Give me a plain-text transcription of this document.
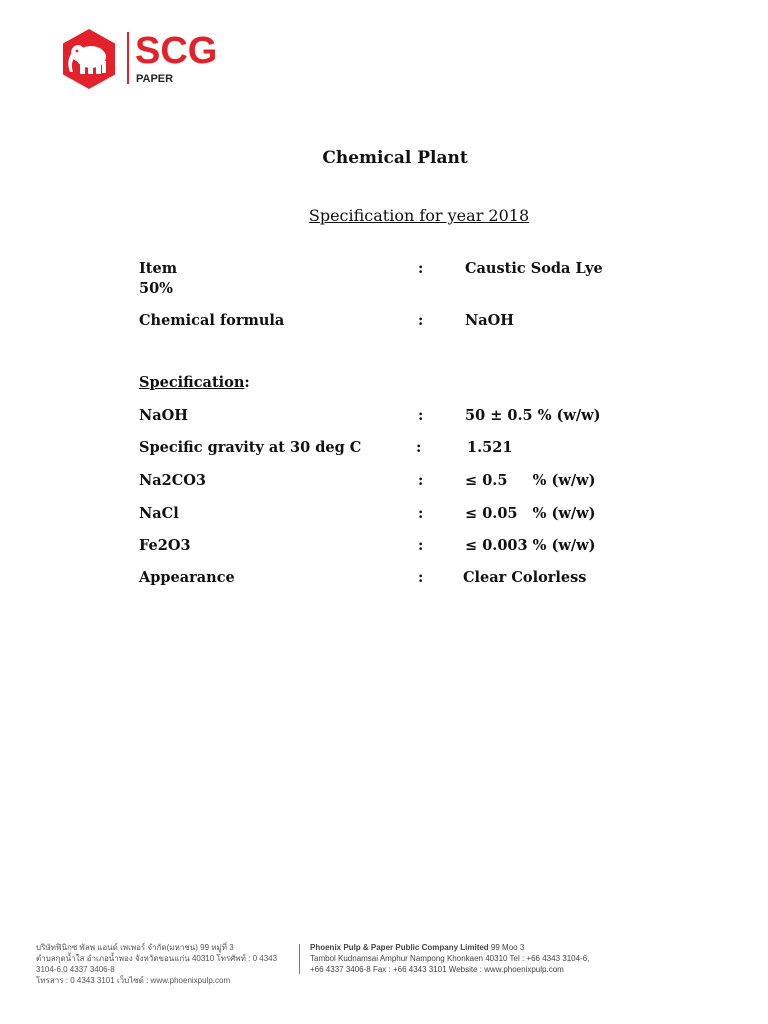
SCG
PAPER
Chemical Plant
Specification for year 2018
Item	:	Caustic Soda Lye
50%
Chemical formula	:	NaOH
Specification:
NaOH	:	50 ± 0.5 % (w/w)
Specific gravity at 30 deg C	:	1.521
Na2CO3	:	≤ 0.5     % (w/w)
NaCl	:	≤ 0.05   % (w/w)
Fe2O3	:	≤ 0.003 % (w/w)
Appearance	:	Clear Colorless
บริษัทฟินิกซ พัลพ แอนด์ เพเพอร์ จำกัด(มหาชน) 99 หมู่ที่ 3
ตำบลกุดน้ำใส อำเภอน้ำพอง จังหวัดขอนแก่น 40310 โทรศัพท์ : 0 4343 3104-6,0 4337 3406-8
โทรสาร : 0 4343 3101 เว็บไซต์ : www.phoenixpulp.com
Phoenix Pulp & Paper Public Company Limited 99 Moo 3
Tambol Kudnamsai Amphur Nampong Khonkaen 40310 Tel : +66 4343 3104-6,
+66 4337 3406-8 Fax : +66 4343 3101 Website : www.phoenixpulp.com
